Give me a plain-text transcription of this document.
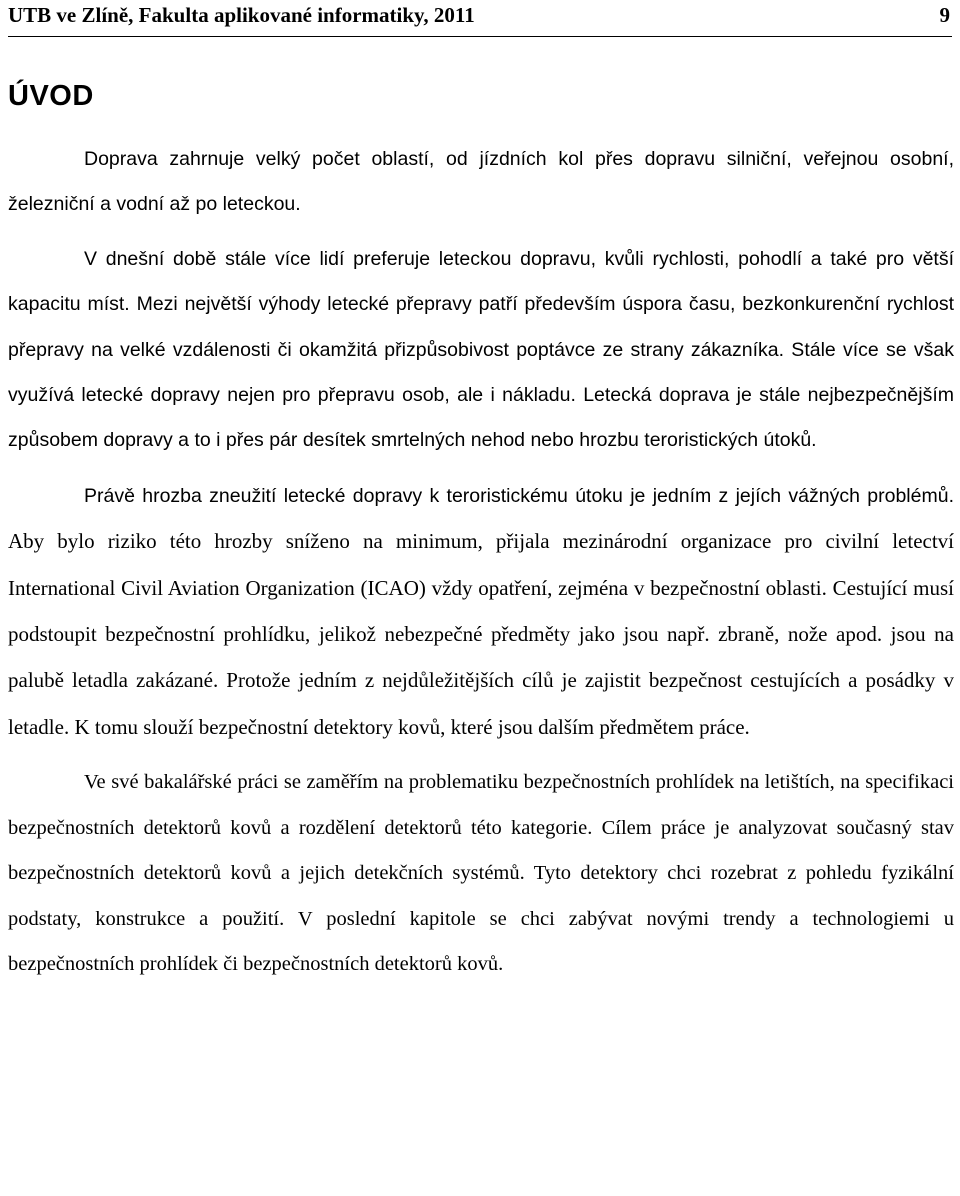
UTB ve Zlíně, Fakulta aplikované informatiky, 2011	9
ÚVOD

Doprava zahrnuje velký počet oblastí, od jízdních kol přes dopravu silniční, veřejnou osobní, železniční a vodní až po leteckou.

V dnešní době stále více lidí preferuje leteckou dopravu, kvůli rychlosti, pohodlí a také pro větší kapacitu míst. Mezi největší výhody letecké přepravy patří především úspora času, bezkonkurenční rychlost přepravy na velké vzdálenosti či okamžitá přizpůsobivost poptávce ze strany zákazníka. Stále více se však využívá letecké dopravy nejen pro přepravu osob, ale i nákladu. Letecká doprava je stále nejbezpečnějším způsobem dopravy a to i přes pár desítek smrtelných nehod nebo hrozbu teroristických útoků.

Právě hrozba zneužití letecké dopravy k teroristickému útoku je jedním z jejích vážných problémů. Aby bylo riziko této hrozby sníženo na minimum, přijala mezinárodní organizace pro civilní letectví International Civil Aviation Organization (ICAO) vždy opatření, zejména v bezpečnostní oblasti. Cestující musí podstoupit bezpečnostní prohlídku, jelikož nebezpečné předměty jako jsou např. zbraně, nože apod. jsou na palubě letadla zakázané. Protože jedním z nejdůležitějších cílů je zajistit bezpečnost cestujících a posádky v letadle. K tomu slouží bezpečnostní detektory kovů, které jsou dalším předmětem práce.

Ve své bakalářské práci se zaměřím na problematiku bezpečnostních prohlídek na letištích, na specifikaci bezpečnostních detektorů kovů a rozdělení detektorů této kategorie. Cílem práce je analyzovat současný stav bezpečnostních detektorů kovů a jejich detekčních systémů. Tyto detektory chci rozebrat z pohledu fyzikální podstaty, konstrukce a použití. V poslední kapitole se chci zabývat novými trendy a technologiemi u bezpečnostních prohlídek či bezpečnostních detektorů kovů.
